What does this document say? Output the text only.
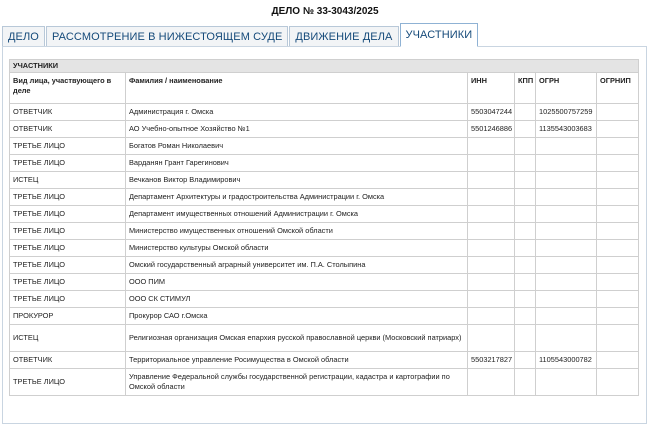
ДЕЛО № 33-3043/2025
ДЕЛО	РАССМОТРЕНИЕ В НИЖЕСТОЯЩЕМ СУДЕ	ДВИЖЕНИЕ ДЕЛА	УЧАСТНИКИ
УЧАСТНИКИ					
Вид лица, участвующего в деле	Фамилия / наименование	ИНН	КПП	ОГРН	ОГРНИП
ОТВЕТЧИК	Администрация г. Омска	5503047244		1025500757259	
ОТВЕТЧИК	АО Учебно-опытное Хозяйство №1	5501246886		1135543003683	
ТРЕТЬЕ ЛИЦО	Богатов Роман Николаевич				
ТРЕТЬЕ ЛИЦО	Варданян Грант Гарегинович				
ИСТЕЦ	Вечканов Виктор Владимирович				
ТРЕТЬЕ ЛИЦО	Департамент Архитектуры и градостроительства Администрации г. Омска				
ТРЕТЬЕ ЛИЦО	Департамент имущественных отношений Администрации г. Омска				
ТРЕТЬЕ ЛИЦО	Министерство имущественных отношений Омской области				
ТРЕТЬЕ ЛИЦО	Министерство культуры Омской области				
ТРЕТЬЕ ЛИЦО	Омский государственный аграрный университет им. П.А. Столыпина				
ТРЕТЬЕ ЛИЦО	ООО ПИМ				
ТРЕТЬЕ ЛИЦО	ООО СК СТИМУЛ				
ПРОКУРОР	Прокурор САО г.Омска				
ИСТЕЦ	Религиозная организация Омская епархия русской православной церкви (Московский патриарх)				
ОТВЕТЧИК	Территориальное управление Росимущества в Омской области	5503217827		1105543000782	
ТРЕТЬЕ ЛИЦО	Управление Федеральной службы государственной регистрации, кадастра и картографии по Омской области				
